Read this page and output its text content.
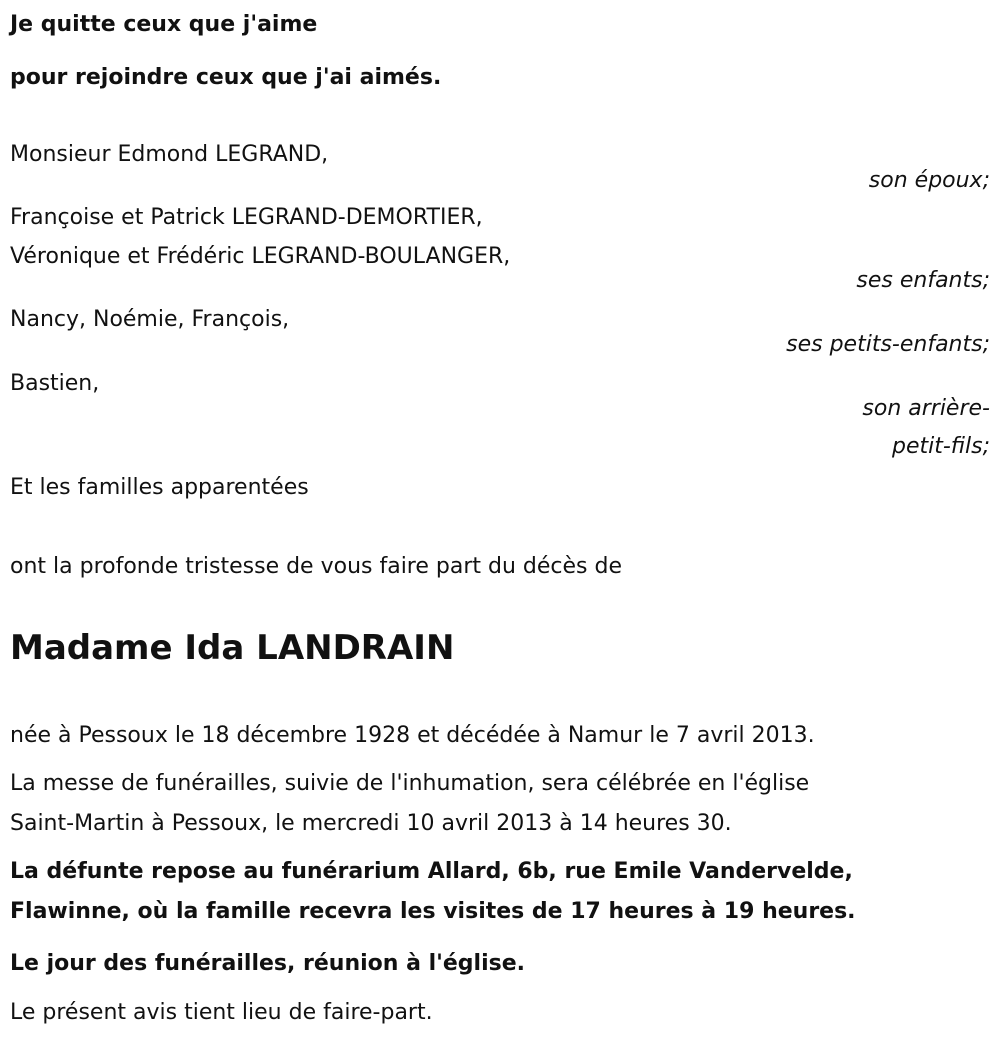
Je quitte ceux que j'aime
pour rejoindre ceux que j'ai aimés.
Monsieur Edmond LEGRAND,
son époux;
Françoise et Patrick LEGRAND-DEMORTIER,
Véronique et Frédéric LEGRAND-BOULANGER,
ses enfants;
Nancy, Noémie, François,
ses petits-enfants;
Bastien,
son arrière-
petit-fils;
Et les familles apparentées
ont la profonde tristesse de vous faire part du décès de
Madame Ida LANDRAIN
née à Pessoux le 18 décembre 1928 et décédée à Namur le 7 avril 2013.
La messe de funérailles, suivie de l'inhumation, sera célébrée en l'église
Saint-Martin à Pessoux, le mercredi 10 avril 2013 à 14 heures 30.
La défunte repose au funérarium Allard, 6b, rue Emile Vandervelde,
Flawinne, où la famille recevra les visites de 17 heures à 19 heures.
Le jour des funérailles, réunion à l'église.
Le présent avis tient lieu de faire-part.
